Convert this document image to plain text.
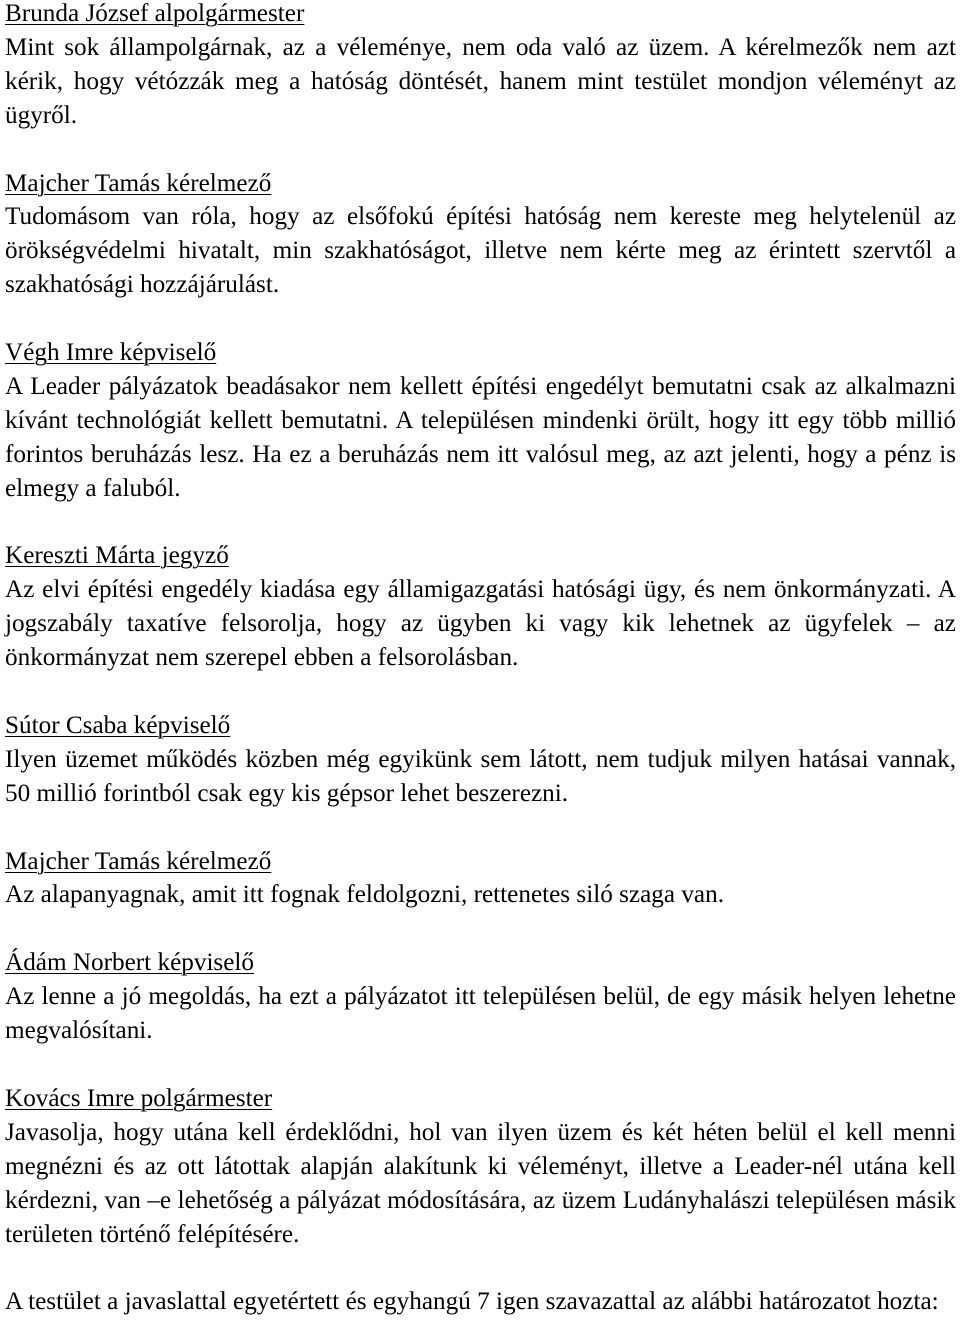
Brunda József alpolgármester
Mint sok állampolgárnak, az a véleménye, nem oda való az üzem. A kérelmezők nem azt kérik, hogy vétózzák meg a hatóság döntését, hanem mint testület mondjon véleményt az ügyről.
Majcher Tamás kérelmező
Tudomásom van róla, hogy az elsőfokú építési hatóság nem kereste meg helytelenül az örökségvédelmi hivatalt, min szakhatóságot, illetve nem kérte meg az érintett szervtől a szakhatósági hozzájárulást.
Végh Imre képviselő
A Leader pályázatok beadásakor nem kellett építési engedélyt bemutatni csak az alkalmazni kívánt technológiát kellett bemutatni. A településen mindenki örült, hogy itt egy több millió forintos beruházás lesz. Ha ez a beruházás nem itt valósul meg, az azt jelenti, hogy a pénz is elmegy a faluból.
Kereszti Márta jegyző
Az elvi építési engedély kiadása egy államigazgatási hatósági ügy, és nem önkormányzati. A jogszabály taxatíve felsorolja, hogy az ügyben ki vagy kik lehetnek az ügyfelek – az önkormányzat nem szerepel ebben a felsorolásban.
Sútor Csaba képviselő
Ilyen üzemet működés közben még egyikünk sem látott, nem tudjuk milyen hatásai vannak, 50 millió forintból csak egy kis gépsor lehet beszerezni.
Majcher Tamás kérelmező
Az alapanyagnak, amit itt fognak feldolgozni, rettenetes siló szaga van.
Ádám Norbert képviselő
Az lenne a jó megoldás, ha ezt a pályázatot itt településen belül, de egy másik helyen lehetne megvalósítani.
Kovács Imre polgármester
Javasolja, hogy utána kell érdeklődni, hol van ilyen üzem és két héten belül el kell menni megnézni és az ott látottak alapján alakítunk ki véleményt, illetve a Leader-nél utána kell kérdezni, van –e lehetőség a pályázat módosítására, az üzem Ludányhalászi településen másik területen történő felépítésére.

A testület a javaslattal egyetértett és egyhangú 7 igen szavazattal az alábbi határozatot hozta:
